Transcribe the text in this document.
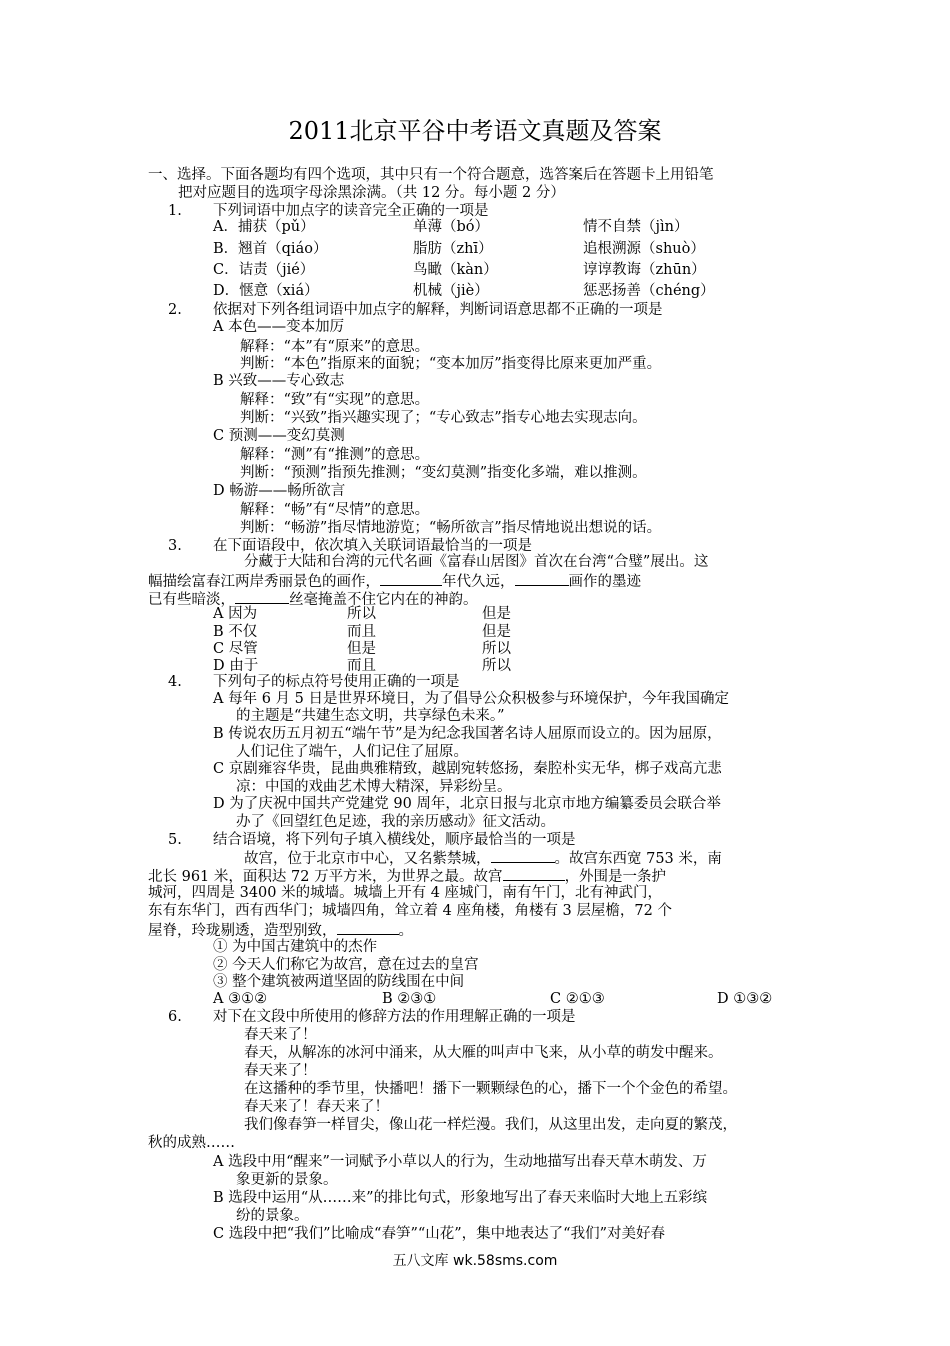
2011北京平谷中考语文真题及答案
一、选择。下面各题均有四个选项，其中只有一个符合题意，选答案后在答题卡上用铅笔
把对应题目的选项字母涂黑涂满。（共 12 分。每小题 2 分）
1. 下列词语中加点字的读音完全正确的一项是
A．捕获（pǔ）	单薄（bó）	情不自禁（jìn）
B．翘首（qiáo）	脂肪（zhī）	追根溯源（shuò）
C．诘责（jié）	鸟瞰（kàn）	谆谆教诲（zhūn）
D．惬意（xiá）	机械（jiè）	惩恶扬善（chéng）
2. 依据对下列各组词语中加点字的解释，判断词语意思都不正确的一项是
A 本色——变本加厉
解释：“本”有“原来”的意思。
判断：“本色”指原来的面貌；“变本加厉”指变得比原来更加严重。
B 兴致——专心致志
解释：“致”有“实现”的意思。
判断：“兴致”指兴趣实现了；“专心致志”指专心地去实现志向。
C 预测——变幻莫测
解释：“测”有“推测”的意思。
判断：“预测”指预先推测；“变幻莫测”指变化多端，难以推测。
D 畅游——畅所欲言
解释：“畅”有“尽情”的意思。
判断：“畅游”指尽情地游览；“畅所欲言”指尽情地说出想说的话。
3. 在下面语段中，依次填入关联词语最恰当的一项是
分藏于大陆和台湾的元代名画《富春山居图》首次在台湾“合璧”展出。这
幅描绘富春江两岸秀丽景色的画作，	年代久远，	画作的墨迹
已有些暗淡，	丝毫掩盖不住它内在的神韵。
A 因为	所以	但是
B 不仅	而且	但是
C 尽管	但是	所以
D 由于	而且	所以
4. 下列句子的标点符号使用正确的一项是
A 每年 6 月 5 日是世界环境日，为了倡导公众积极参与环境保护，今年我国确定
的主题是“共建生态文明，共享绿色未来。”
B 传说农历五月初五“端午节”是为纪念我国著名诗人屈原而设立的。因为屈原，
人们记住了端午，人们记住了屈原。
C 京剧雍容华贵，昆曲典雅精致，越剧宛转悠扬，秦腔朴实无华，梆子戏高亢悲
凉：中国的戏曲艺术博大精深，异彩纷呈。
D 为了庆祝中国共产党建党 90 周年，北京日报与北京市地方编纂委员会联合举
办了《回望红色足迹，我的亲历感动》征文活动。
5. 结合语境，将下列句子填入横线处，顺序最恰当的一项是
故宫，位于北京市中心，又名紫禁城，	。故宫东西宽 753 米，南
北长 961 米，面积达 72 万平方米，为世界之最。故宫	，外围是一条护
城河，四周是 3400 米的城墙。城墙上开有 4 座城门，南有午门，北有神武门，
东有东华门，西有西华门；城墙四角，耸立着 4 座角楼，角楼有 3 层屋檐，72 个
屋脊，玲珑剔透，造型别致，	。
① 为中国古建筑中的杰作
② 今天人们称它为故宫，意在过去的皇宫
③ 整个建筑被两道坚固的防线围在中间
A ③①②	B ②③①	C ②①③	D ①③②
6. 对下在文段中所使用的修辞方法的作用理解正确的一项是
春天来了！
春天，从解冻的冰河中涌来，从大雁的叫声中飞来，从小草的萌发中醒来。
春天来了！
在这播种的季节里，快播吧！播下一颗颗绿色的心，播下一个个金色的希望。
春天来了！春天来了！
我们像春笋一样冒尖，像山花一样烂漫。我们，从这里出发，走向夏的繁茂，
秋的成熟……
A 选段中用“醒来”一词赋予小草以人的行为，生动地描写出春天草木萌发、万
象更新的景象。
B 选段中运用“从……来”的排比句式，形象地写出了春天来临时大地上五彩缤
纷的景象。
C 选段中把“我们”比喻成“春笋”“山花”，集中地表达了“我们”对美好春
五八文库 wk.58sms.com
